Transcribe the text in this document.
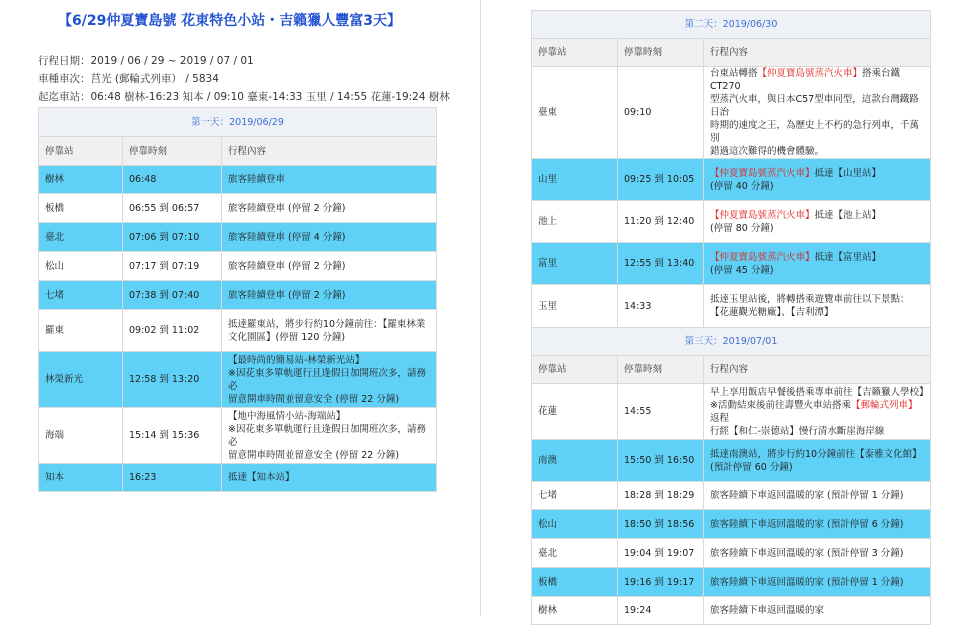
【6/29仲夏寶島號 花東特色小站・吉籟獵人豐富3天】
行程日期：2019 / 06 / 29 ~ 2019 / 07 / 01
車種車次：莒光 (郵輪式列車） / 5834
起迄車站：06:48 樹林-16:23 知本 / 09:10 臺東-14:33 玉里 / 14:55 花蓮-19:24 樹林
第一天：2019/06/29		
停靠站	停靠時刻	行程內容
樹林	06:48	旅客陸續登車
板橋	06:55 到 06:57	旅客陸續登車 (停留 2 分鐘)
臺北	07:06 到 07:10	旅客陸續登車 (停留 4 分鐘)
松山	07:17 到 07:19	旅客陸續登車 (停留 2 分鐘)
七堵	07:38 到 07:40	旅客陸續登車 (停留 2 分鐘)
羅東	09:02 到 11:02	抵達羅東站，將步行約10分鐘前往：【羅東林業
文化園區】(停留 120 分鐘)

林榮新光	12:58 到 13:20	【最時尚的簡易站-林榮新光站】
※因花東多單軌運行且逢假日加開班次多，請務必
留意開車時間並留意安全 (停留 22 分鐘)

海端	15:14 到 15:36	【地中海風情小站-海端站】
※因花東多單軌運行且逢假日加開班次多，請務必
留意開車時間並留意安全 (停留 22 分鐘)

知本	16:23	抵達【知本站】
第二天：2019/06/30		
停靠站	停靠時刻	行程內容
臺東	09:10	台東站轉搭【仲夏寶島號蒸汽火車】搭乘台鐵CT270
型蒸汽火車，與日本C57型車同型，這款台灣鐵路日治
時期的速度之王，為歷史上不朽的急行列車，千萬別
錯過這次難得的機會體驗。

山里	09:25 到 10:05	【仲夏寶島號蒸汽火車】抵達【山里站】
(停留 40 分鐘)

池上	11:20 到 12:40	【仲夏寶島號蒸汽火車】抵達【池上站】
(停留 80 分鐘)

富里	12:55 到 13:40	【仲夏寶島號蒸汽火車】抵達【富里站】
(停留 45 分鐘)

玉里	14:33	抵達玉里站後，將轉搭乘遊覽車前往以下景點：
【花蓮觀光糖廠】、【吉利潭】

第三天：2019/07/01		
停靠站	停靠時刻	行程內容
花蓮	14:55	早上享用飯店早餐後搭乘專車前往【吉籟獵人學校】
※活動結束後前往壽豐火車站搭乘【郵輪式列車】返程
行經【和仁-崇德站】慢行清水斷崖海岸線

南澳	15:50 到 16:50	抵達南澳站，將步行約10分鐘前往【泰雅文化館】
(預計停留 60 分鐘)

七堵	18:28 到 18:29	旅客陸續下車返回溫暖的家 (預計停留 1 分鐘)
松山	18:50 到 18:56	旅客陸續下車返回溫暖的家 (預計停留 6 分鐘)
臺北	19:04 到 19:07	旅客陸續下車返回溫暖的家 (預計停留 3 分鐘)
板橋	19:16 到 19:17	旅客陸續下車返回溫暖的家 (預計停留 1 分鐘)
樹林	19:24	旅客陸續下車返回溫暖的家
